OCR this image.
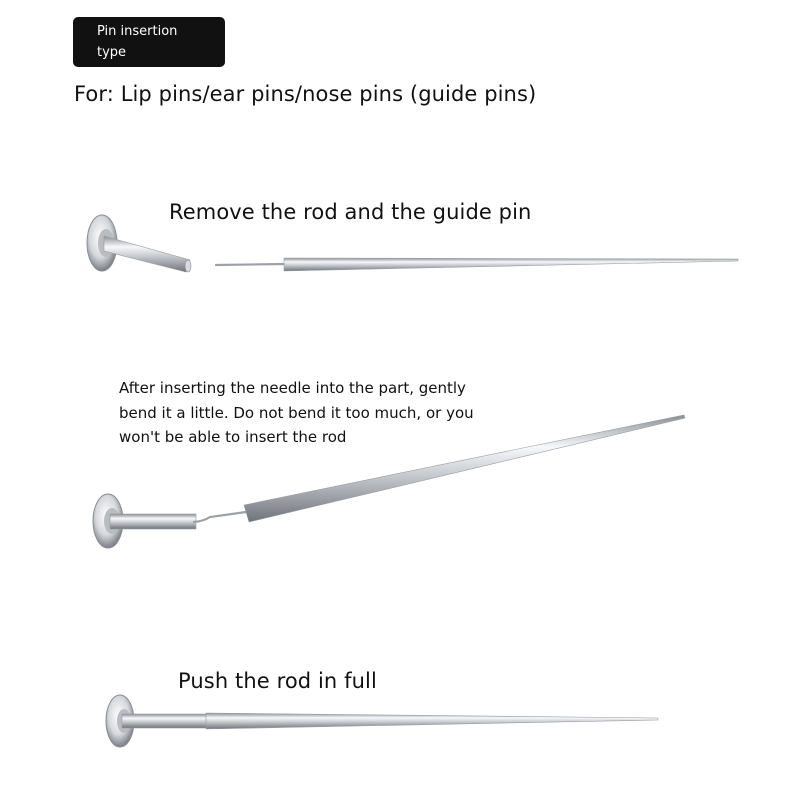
Pin insertion
type
For: Lip pins/ear pins/nose pins (guide pins)
Remove the rod and the guide pin
After inserting the needle into the part, gently
bend it a little. Do not bend it too much, or you
won't be able to insert the rod
Push the rod in full
